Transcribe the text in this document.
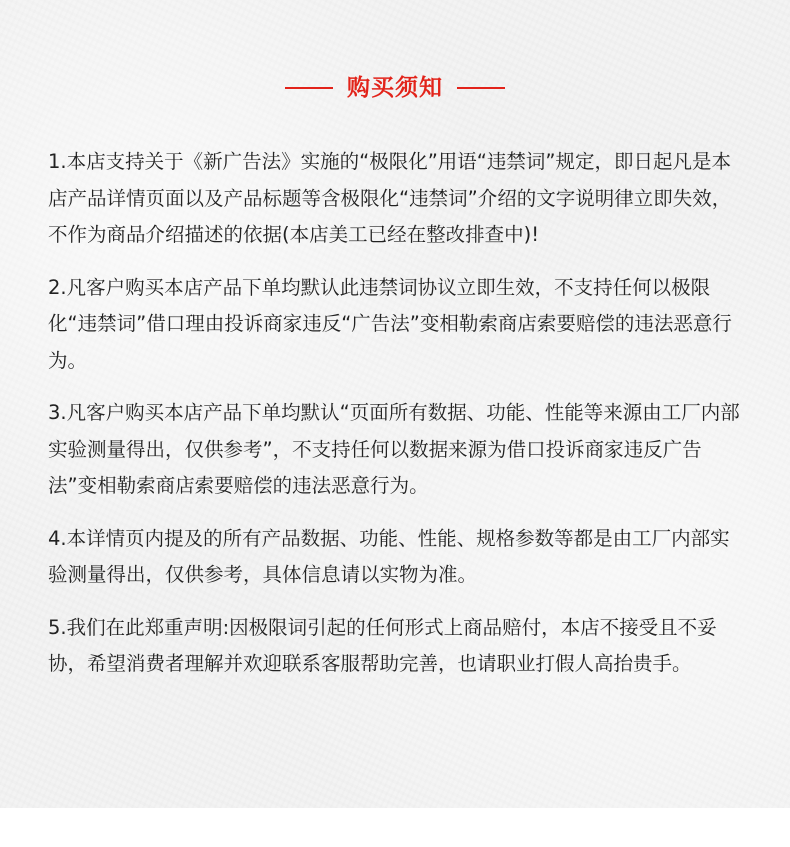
购买须知

1.本店支持关于《新广告法》实施的“极限化”用语“违禁词”规定，即日起凡是本店产品详情页面以及产品标题等含极限化“违禁词”介绍的文字说明律立即失效，不作为商品介绍描述的依据(本店美工已经在整改排查中)!

2.凡客户购买本店产品下单均默认此违禁词协议立即生效，不支持任何以极限化“违禁词”借口理由投诉商家违反“广告法”变相勒索商店索要赔偿的违法恶意行为。

3.凡客户购买本店产品下单均默认“页面所有数据、功能、性能等来源由工厂内部实验测量得出，仅供参考”，不支持任何以数据来源为借口投诉商家违反广告法”变相勒索商店索要赔偿的违法恶意行为。

4.本详情页内提及的所有产品数据、功能、性能、规格参数等都是由工厂内部实验测量得出，仅供参考，具体信息请以实物为准。

5.我们在此郑重声明:因极限词引起的任何形式上商品赔付，本店不接受且不妥协，希望消费者理解并欢迎联系客服帮助完善，也请职业打假人高抬贵手。
